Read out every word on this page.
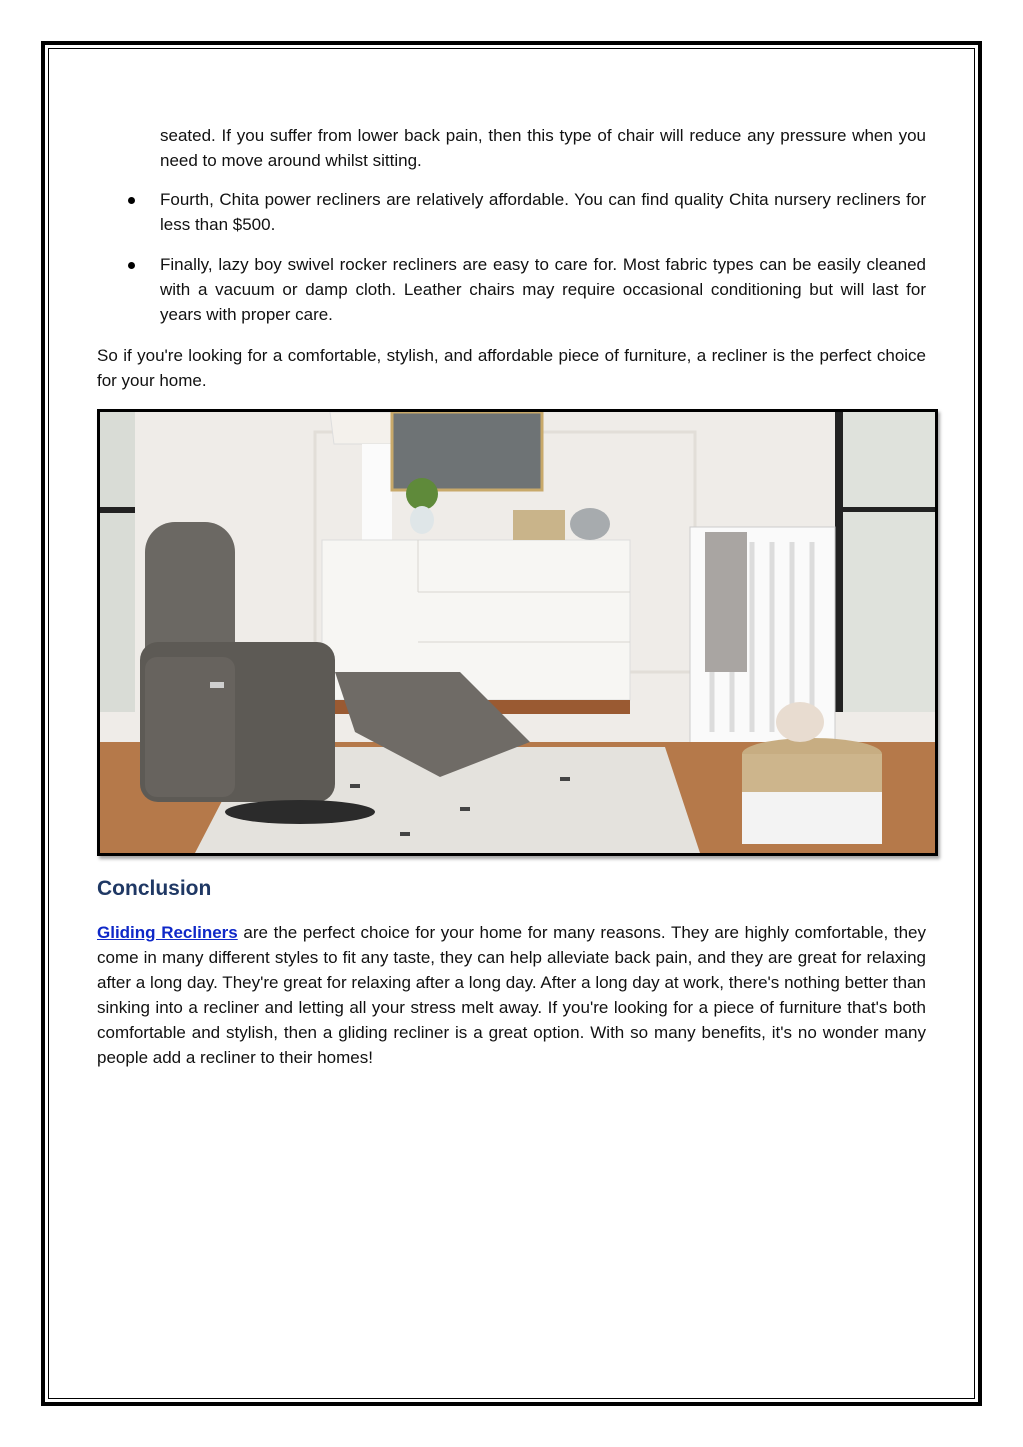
seated. If you suffer from lower back pain, then this type of chair will reduce any pressure when you need to move around whilst sitting.
Fourth, Chita power recliners are relatively affordable. You can find quality Chita nursery recliners for less than $500.
Finally, lazy boy swivel rocker recliners are easy to care for. Most fabric types can be easily cleaned with a vacuum or damp cloth. Leather chairs may require occasional conditioning but will last for years with proper care.
So if you're looking for a comfortable, stylish, and affordable piece of furniture, a recliner is the perfect choice for your home.
Conclusion
Gliding Recliners are the perfect choice for your home for many reasons. They are highly comfortable, they come in many different styles to fit any taste, they can help alleviate back pain, and they are great for relaxing after a long day. They're great for relaxing after a long day. After a long day at work, there's nothing better than sinking into a recliner and letting all your stress melt away. If you're looking for a piece of furniture that's both comfortable and stylish, then a gliding recliner is a great option. With so many benefits, it's no wonder many people add a recliner to their homes!
